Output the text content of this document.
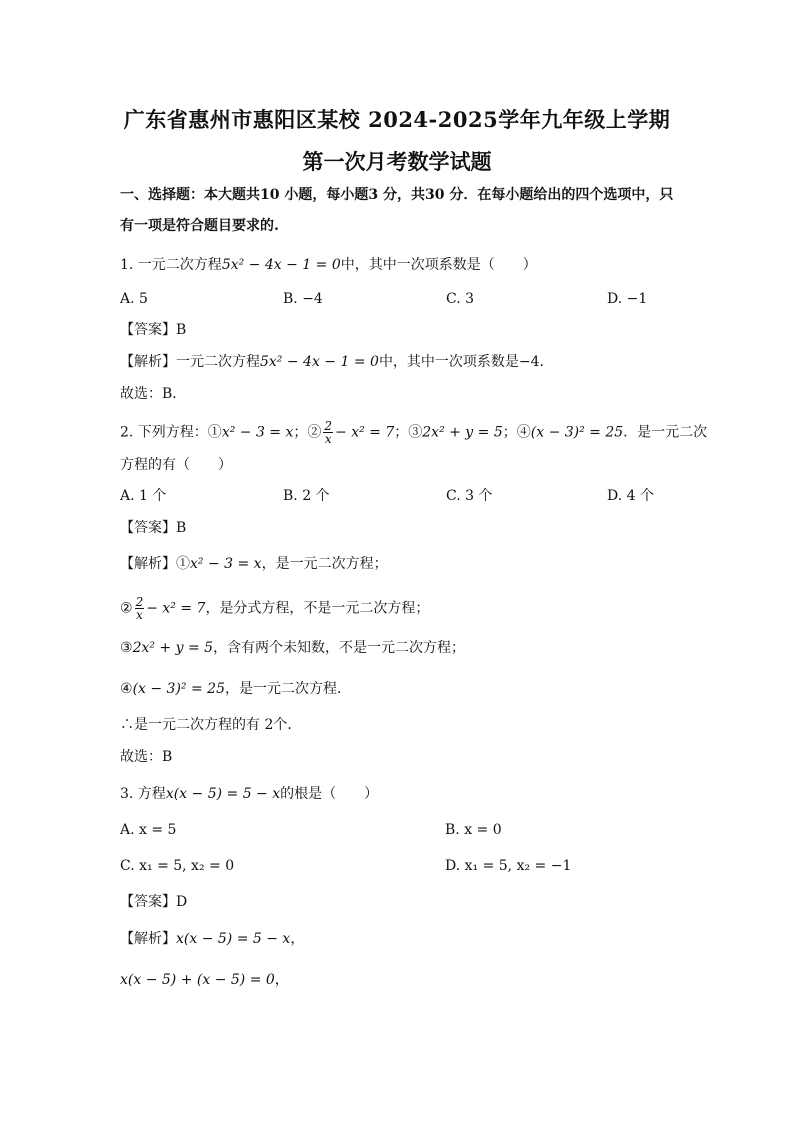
广东省惠州市惠阳区某校 2024-2025学年九年级上学期
第一次月考数学试题
一、选择题：本大题共10 小题，每小题3 分，共30 分．在每小题给出的四个选项中，只
有一项是符合题目要求的.
1. 一元二次方程5x² − 4x − 1 = 0中，其中一次项系数是（　　）
A. 5	B. −4	C. 3	D. −1
【答案】B
【解析】一元二次方程5x² − 4x − 1 = 0中，其中一次项系数是−4．
故选：B．
2. 下列方程：①x² − 3 = x；② $\frac{2}{x} - x^2 = 7$；③2x² + y = 5；④(x − 3)² = 25．是一元二次
方程的有（　　）
A. 1 个	B. 2 个	C. 3 个	D. 4 个
【答案】B
【解析】①x² − 3 = x，是一元二次方程；
② $\frac{2}{x} - x^2 = 7$，是分式方程，不是一元二次方程；
③2x² + y = 5，含有两个未知数，不是一元二次方程；
④(x − 3)² = 25，是一元二次方程．
∴是一元二次方程的有 2个．
故选：B
3. 方程x(x − 5) = 5 − x的根是（　　）
A. x = 5	B. x = 0
C. x₁ = 5, x₂ = 0	D. x₁ = 5, x₂ = −1
【答案】D
【解析】x(x − 5) = 5 − x，
x(x − 5) + (x − 5) = 0，
